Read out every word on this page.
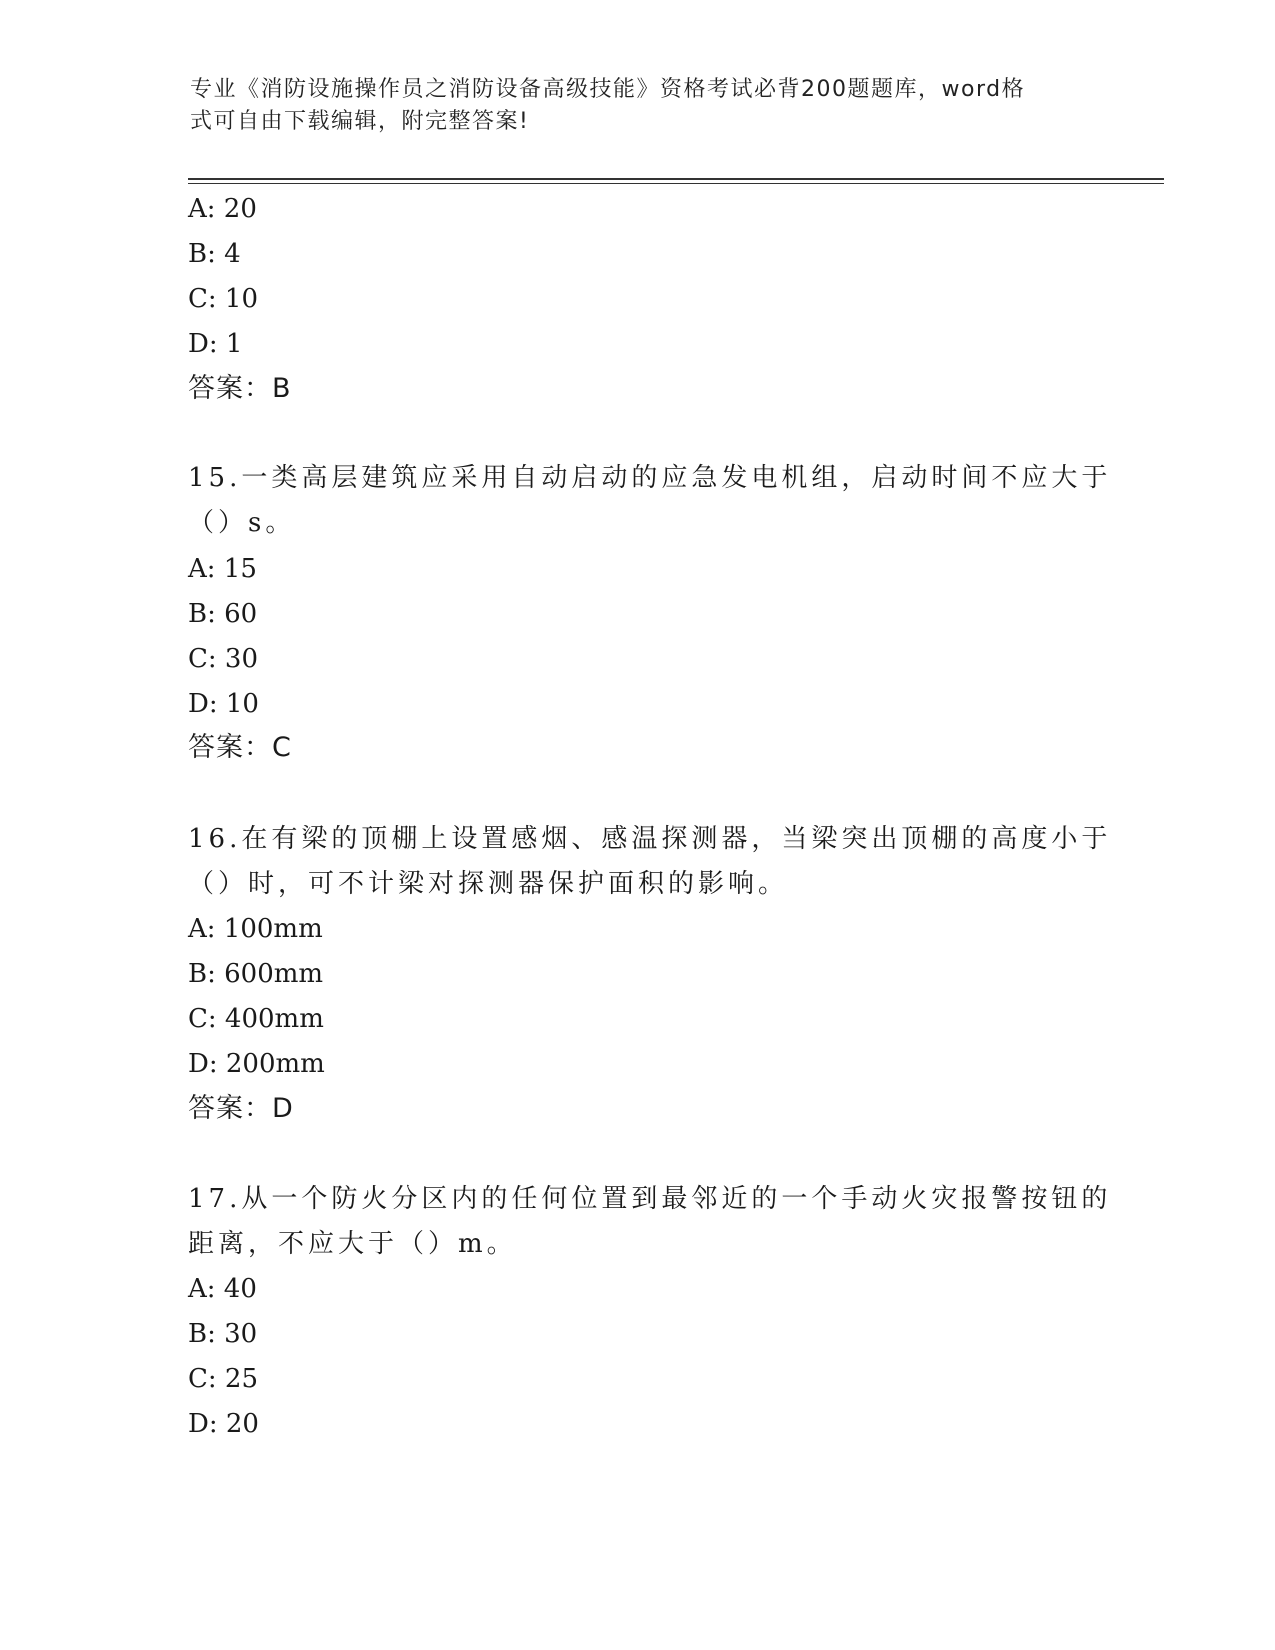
专业《消防设施操作员之消防设备高级技能》资格考试必背200题题库，word格
式可自由下载编辑，附完整答案!
A: 20
B: 4
C: 10
D: 1
答案：B
15.一类高层建筑应采用自动启动的应急发电机组，启动时间不应大于
（）s。
A: 15
B: 60
C: 30
D: 10
答案：C
16.在有梁的顶棚上设置感烟、感温探测器，当梁突出顶棚的高度小于
（）时，可不计梁对探测器保护面积的影响。
A: 100mm
B: 600mm
C: 400mm
D: 200mm
答案：D
17.从一个防火分区内的任何位置到最邻近的一个手动火灾报警按钮的
距离，不应大于（）m。
A: 40
B: 30
C: 25
D: 20
